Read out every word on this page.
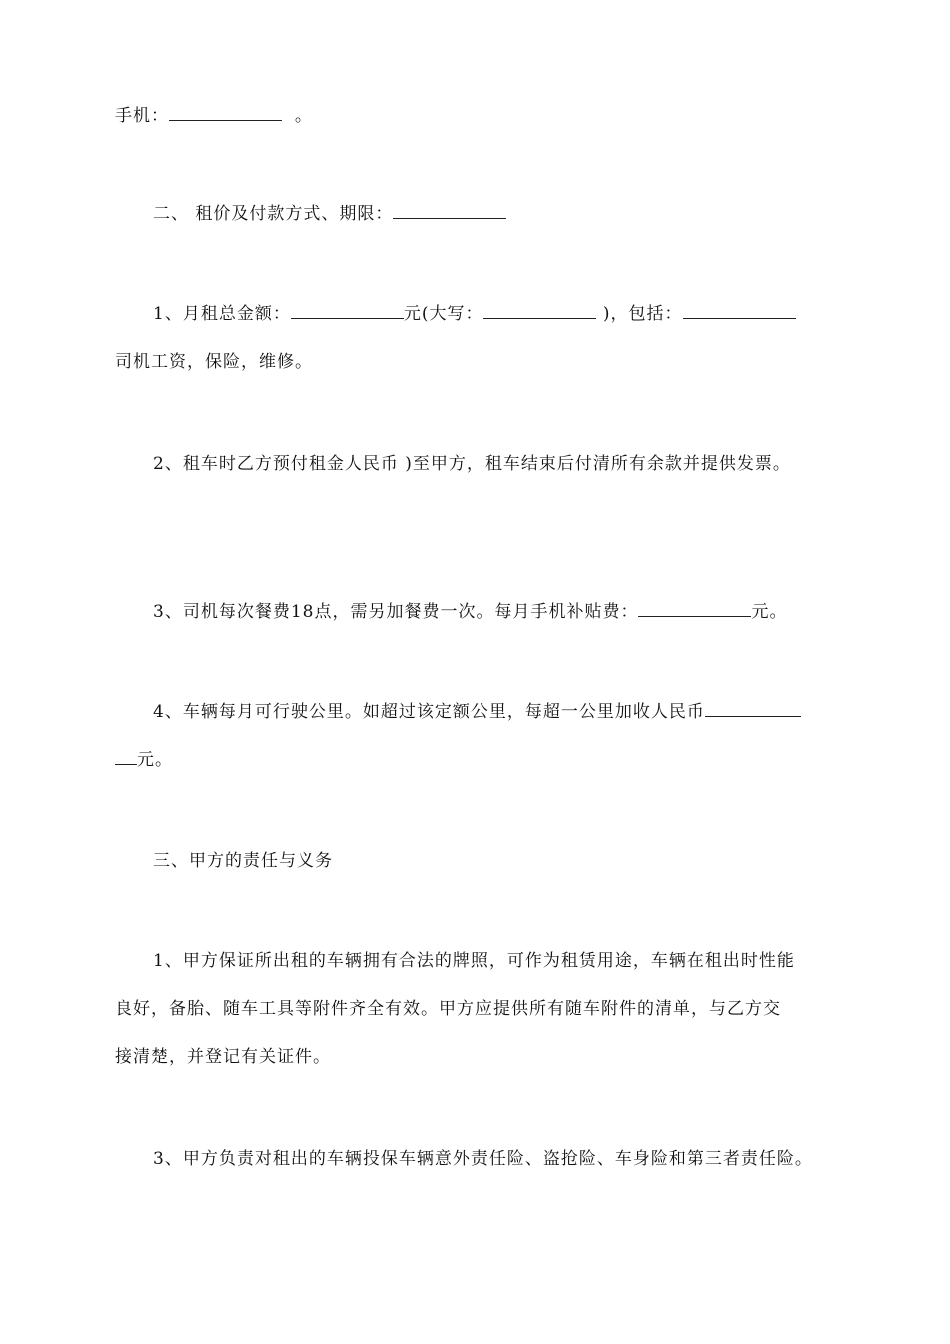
手机：	。
二、 租价及付款方式、期限：
1、月租总金额：	元(大写：	)，包括：
司机工资，保险，维修。
2、租车时乙方预付租金人民币 )至甲方，租车结束后付清所有余款并提供发票。
3、司机每次餐费18点，需另加餐费一次。每月手机补贴费：	元。
4、车辆每月可行驶公里。如超过该定额公里，每超一公里加收人民币
元。
三、甲方的责任与义务
1、甲方保证所出租的车辆拥有合法的牌照，可作为租赁用途，车辆在租出时性能
良好，备胎、随车工具等附件齐全有效。甲方应提供所有随车附件的清单，与乙方交
接清楚，并登记有关证件。
3、甲方负责对租出的车辆投保车辆意外责任险、盗抢险、车身险和第三者责任险。
